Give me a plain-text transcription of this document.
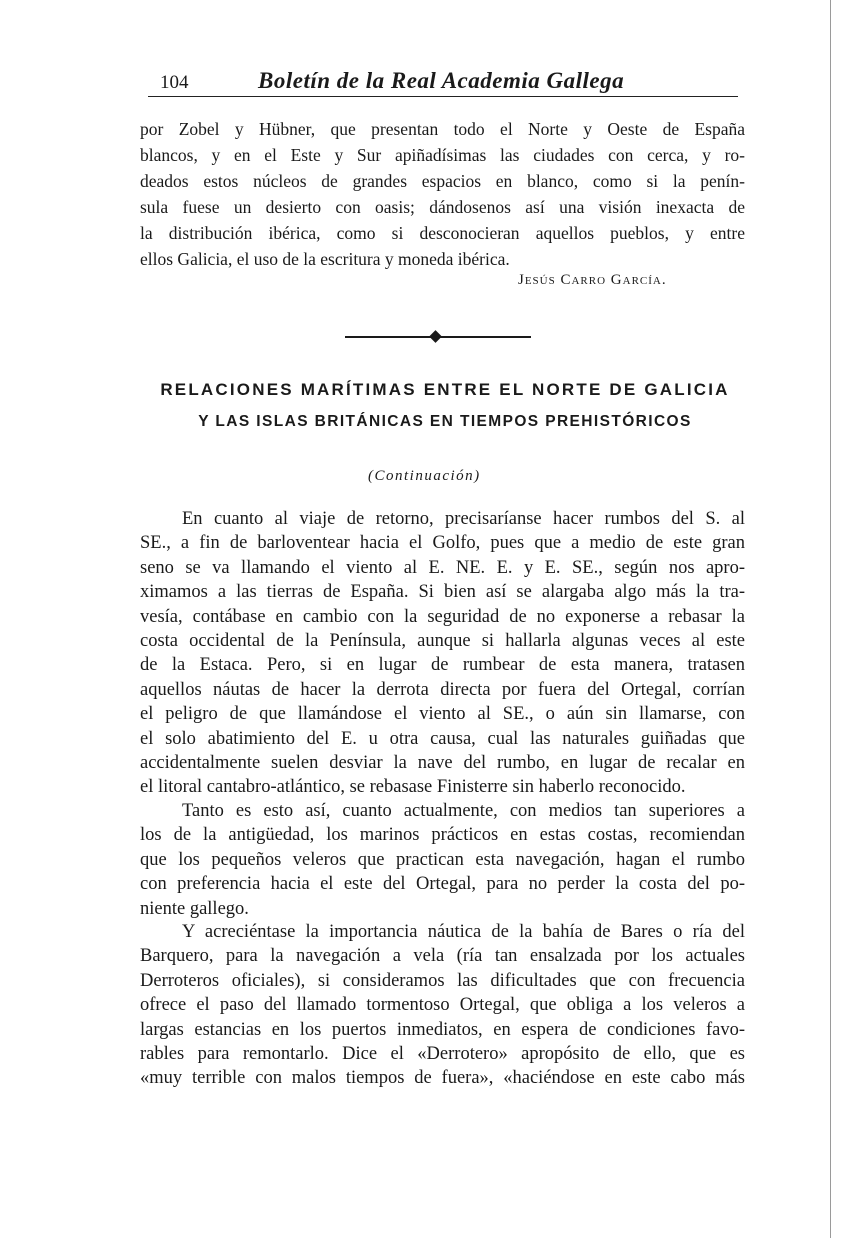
104	Boletín de la Real Academia Gallega
por Zobel y Hübner, que presentan todo el Norte y Oeste de España
blancos, y en el Este y Sur apiñadísimas las ciudades con cerca, y ro-
deados estos núcleos de grandes espacios en blanco, como si la penín-
sula fuese un desierto con oasis; dándosenos así una visión inexacta de
la distribución ibérica, como si desconocieran aquellos pueblos, y entre
ellos Galicia, el uso de la escritura y moneda ibérica.
Jesús Carro García.
RELACIONES MARÍTIMAS ENTRE EL NORTE DE GALICIA
Y LAS ISLAS BRITÁNICAS EN TIEMPOS PREHISTÓRICOS
(Continuación)
En cuanto al viaje de retorno, precisaríanse hacer rumbos del S. al
SE., a fin de barloventear hacia el Golfo, pues que a medio de este gran
seno se va llamando el viento al E. NE. E. y E. SE., según nos apro-
ximamos a las tierras de España. Si bien así se alargaba algo más la tra-
vesía, contábase en cambio con la seguridad de no exponerse a rebasar la
costa occidental de la Península, aunque si hallarla algunas veces al este
de la Estaca. Pero, si en lugar de rumbear de esta manera, tratasen
aquellos náutas de hacer la derrota directa por fuera del Ortegal, corrían
el peligro de que llamándose el viento al SE., o aún sin llamarse, con
el solo abatimiento del E. u otra causa, cual las naturales guiñadas que
accidentalmente suelen desviar la nave del rumbo, en lugar de recalar en
el litoral cantabro-atlántico, se rebasase Finisterre sin haberlo reconocido.
Tanto es esto así, cuanto actualmente, con medios tan superiores a
los de la antigüedad, los marinos prácticos en estas costas, recomiendan
que los pequeños veleros que practican esta navegación, hagan el rumbo
con preferencia hacia el este del Ortegal, para no perder la costa del po-
niente gallego.
Y acreciéntase la importancia náutica de la bahía de Bares o ría del
Barquero, para la navegación a vela (ría tan ensalzada por los actuales
Derroteros oficiales), si consideramos las dificultades que con frecuencia
ofrece el paso del llamado tormentoso Ortegal, que obliga a los veleros a
largas estancias en los puertos inmediatos, en espera de condiciones favo-
rables para remontarlo. Dice el «Derrotero» apropósito de ello, que es
«muy terrible con malos tiempos de fuera», «haciéndose en este cabo más
